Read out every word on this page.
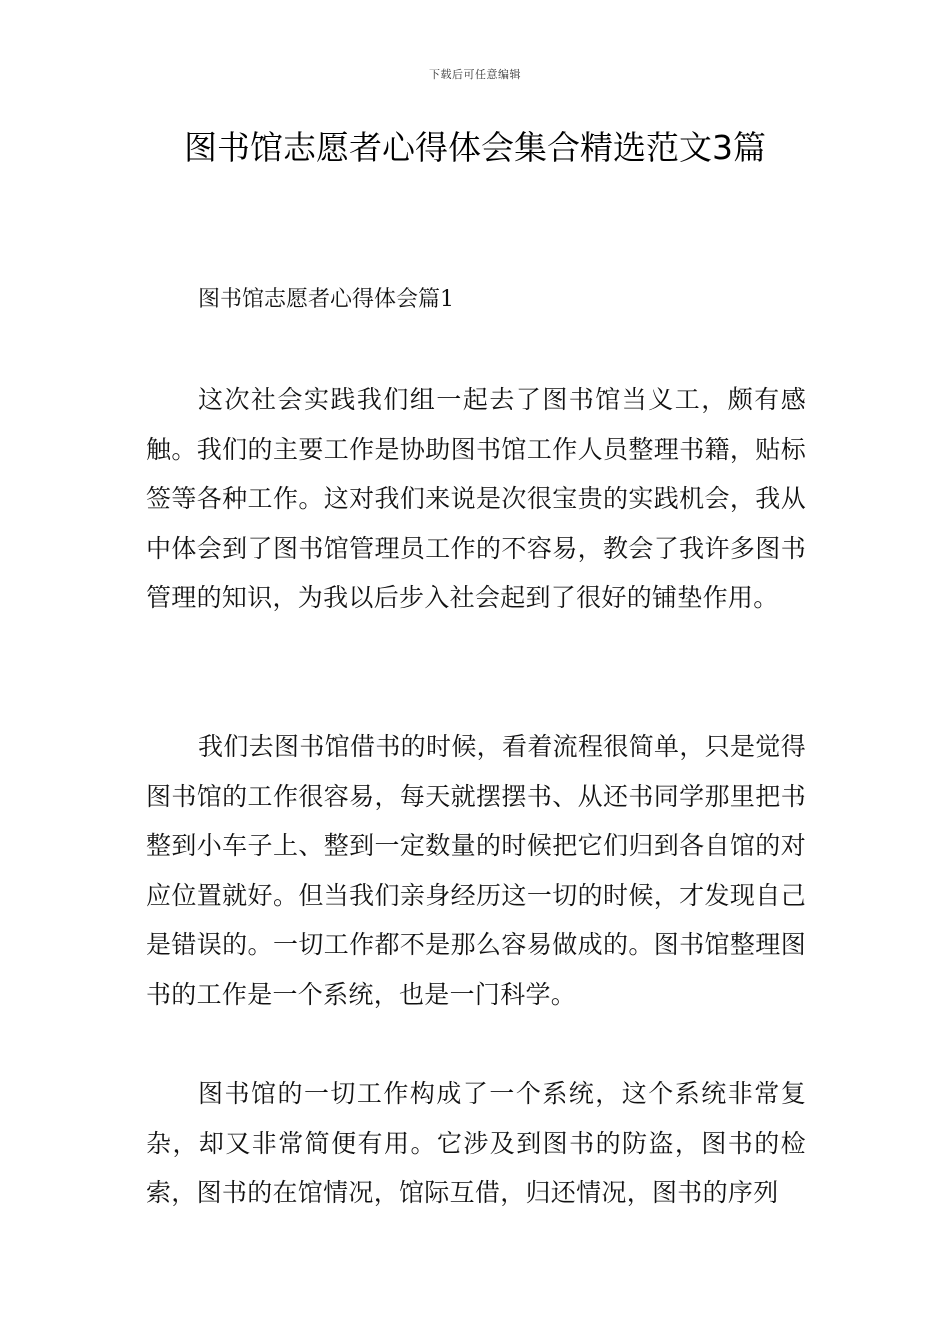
下载后可任意编辑
图书馆志愿者心得体会集合精选范文3篇
图书馆志愿者心得体会篇1

这次社会实践我们组一起去了图书馆当义工，颇有感触。我们的主要工作是协助图书馆工作人员整理书籍，贴标签等各种工作。这对我们来说是次很宝贵的实践机会，我从中体会到了图书馆管理员工作的不容易，教会了我许多图书管理的知识，为我以后步入社会起到了很好的铺垫作用。

我们去图书馆借书的时候，看着流程很简单，只是觉得图书馆的工作很容易，每天就摆摆书、从还书同学那里把书整到小车子上、整到一定数量的时候把它们归到各自馆的对应位置就好。但当我们亲身经历这一切的时候，才发现自己是错误的。一切工作都不是那么容易做成的。图书馆整理图书的工作是一个系统，也是一门科学。

图书馆的一切工作构成了一个系统，这个系统非常复杂，却又非常简便有用。它涉及到图书的防盗，图书的检索，图书的在馆情况，馆际互借，归还情况，图书的序列
